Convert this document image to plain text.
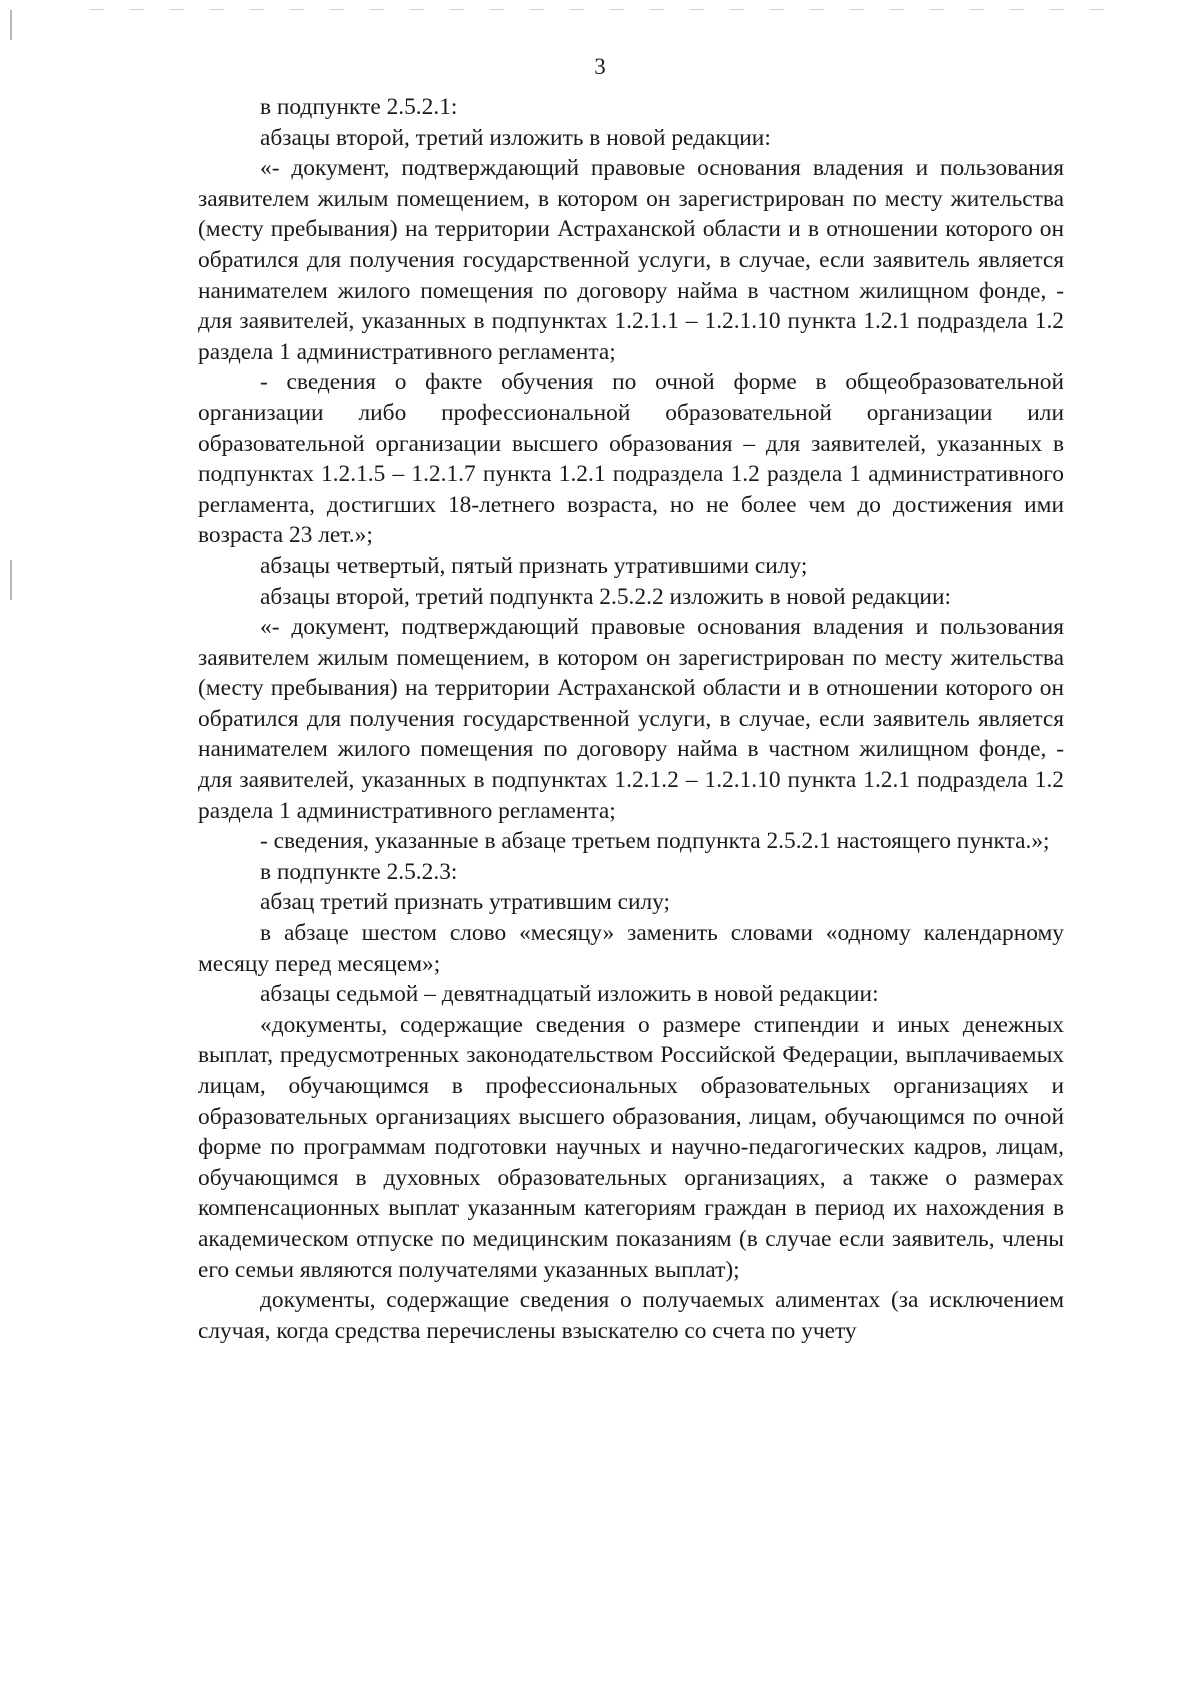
3

в подпункте 2.5.2.1:

абзацы второй, третий изложить в новой редакции:

«- документ, подтверждающий правовые основания владения и пользования заявителем жилым помещением, в котором он зарегистрирован по месту жительства (месту пребывания) на территории Астраханской области и в отношении которого он обратился для получения государственной услуги, в случае, если заявитель является нанимателем жилого помещения по договору найма в частном жилищном фонде, - для заявителей, указанных в подпунктах 1.2.1.1 – 1.2.1.10 пункта 1.2.1 подраздела 1.2 раздела 1 административного регламента;

- сведения о факте обучения по очной форме в общеобразовательной организации либо профессиональной образовательной организации или образовательной организации высшего образования – для заявителей, указанных в подпунктах 1.2.1.5 – 1.2.1.7 пункта 1.2.1 подраздела 1.2 раздела 1 административного регламента, достигших 18-летнего возраста, но не более чем до достижения ими возраста 23 лет.»;

абзацы четвертый, пятый признать утратившими силу;

абзацы второй, третий подпункта 2.5.2.2 изложить в новой редакции:

«- документ, подтверждающий правовые основания владения и пользования заявителем жилым помещением, в котором он зарегистрирован по месту жительства (месту пребывания) на территории Астраханской области и в отношении которого он обратился для получения государственной услуги, в случае, если заявитель является нанимателем жилого помещения по договору найма в частном жилищном фонде, - для заявителей, указанных в подпунктах 1.2.1.2 – 1.2.1.10 пункта 1.2.1 подраздела 1.2 раздела 1 административного регламента;

- сведения, указанные в абзаце третьем подпункта 2.5.2.1 настоящего пункта.»;

в подпункте 2.5.2.3:

абзац третий признать утратившим силу;

в абзаце шестом слово «месяцу» заменить словами «одному календарному месяцу перед месяцем»;

абзацы седьмой – девятнадцатый изложить в новой редакции:

«документы, содержащие сведения о размере стипендии и иных денежных выплат, предусмотренных законодательством Российской Федерации, выплачиваемых лицам, обучающимся в профессиональных образовательных организациях и образовательных организациях высшего образования, лицам, обучающимся по очной форме по программам подготовки научных и научно-педагогических кадров, лицам, обучающимся в духовных образовательных организациях, а также о размерах компенсационных выплат указанным категориям граждан в период их нахождения в академическом отпуске по медицинским показаниям (в случае если заявитель, члены его семьи являются получателями указанных выплат);

документы, содержащие сведения о получаемых алиментах (за исключением случая, когда средства перечислены взыскателю со счета по учету
